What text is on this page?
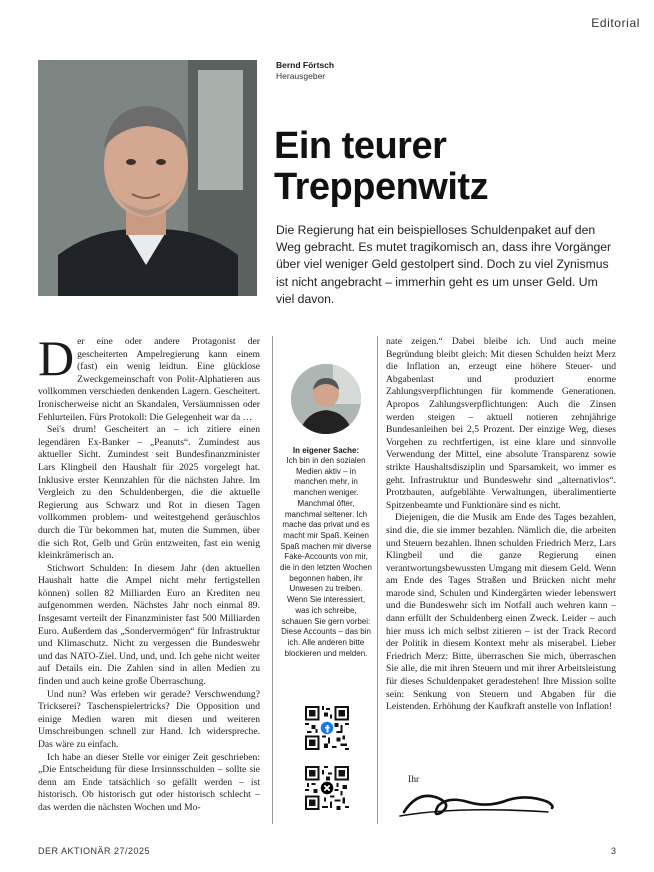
Editorial
Bernd Förtsch
Herausgeber
Ein teurer
Treppenwitz
Die Regierung hat ein beispielloses Schuldenpaket auf den Weg gebracht. Es mutet tragikomisch an, dass ihre Vorgänger über viel weniger Geld gestolpert sind. Doch zu viel Zynismus ist nicht angebracht – immerhin geht es um unser Geld. Um viel davon.

Der eine oder andere Protagonist der gescheiterten Ampelregierung kann einem (fast) ein wenig leidtun. Eine glücklose Zweckgemeinschaft von Polit-Alphatieren aus vollkommen verschieden denkenden Lagern. Gescheitert. Ironischerweise nicht an Skandalen, Versäumnissen oder Fehlurteilen. Fürs Protokoll: Die Gelegenheit war da …

Sei's drum! Gescheitert an – ich zitiere einen legendären Ex-Banker – „Peanuts“. Zumindest aus aktueller Sicht. Zumindest seit Bundesfinanzminister Lars Klingbeil den Haushalt für 2025 vorgelegt hat. Inklusive erster Kennzahlen für die nächsten Jahre. Im Vergleich zu den Schuldenbergen, die die aktuelle Regierung aus Schwarz und Rot in diesen Tagen vollkommen problem- und weitestgehend geräuschlos durch die Tür bekommen hat, muten die Summen, über die sich Rot, Gelb und Grün entzweiten, fast ein wenig kleinkrämerisch an.

Stichwort Schulden: In diesem Jahr (den aktuellen Haushalt hatte die Ampel nicht mehr fertigstellen können) sollen 82 Milliarden Euro an Krediten neu aufgenommen werden. Nächstes Jahr noch einmal 89. Insgesamt verteilt der Finanzminister fast 500 Milliarden Euro. Außerdem das „Sondervermögen“ für Infrastruktur und Klimaschutz. Nicht zu vergessen die Bundeswehr und das NATO-Ziel. Und, und, und. Ich gehe nicht weiter auf Details ein. Die Zahlen sind in allen Medien zu finden und auch keine große Überraschung.

Und nun? Was erleben wir gerade? Verschwendung? Trickserei? Taschenspielertricks? Die Opposition und einige Medien waren mit diesen und weiteren Umschreibungen schnell zur Hand. Ich widerspreche. Das wäre zu einfach.

Ich habe an dieser Stelle vor einiger Zeit geschrieben: „Die Entscheidung für diese Irrsinnsschulden – sollte sie denn am Ende tatsächlich so gefällt werden – ist historisch. Ob historisch gut oder historisch schlecht – das werden die nächsten Wochen und Mo-

In eigener Sache:
Ich bin in den sozialen Medien aktiv – in manchen mehr, in manchen weniger. Manchmal öfter, manchmal seltener. Ich mache das privat und es macht mir Spaß. Keinen Spaß machen mir diverse Fake-Accounts von mir, die in den letzten Wochen begonnen haben, ihr Unwesen zu treiben. Wenn Sie interessiert, was ich schreibe, schauen Sie gern vorbei: Diese Accounts – das bin ich. Alle anderen bitte blockieren und melden.

nate zeigen.“ Dabei bleibe ich. Und auch meine Begründung bleibt gleich: Mit diesen Schulden heizt Merz die Inflation an, erzeugt eine höhere Steuer- und Abgabenlast und produziert enorme Zahlungsverpflichtungen für kommende Generationen. Apropos Zahlungsverpflichtungen: Auch die Zinsen werden steigen – aktuell notieren zehnjährige Bundesanleihen bei 2,5 Prozent. Der einzige Weg, dieses Vorgehen zu rechtfertigen, ist eine klare und sinnvolle Verwendung der Mittel, eine absolute Transparenz sowie strikte Haushaltsdisziplin und Sparsamkeit, wo immer es geht. Infrastruktur und Bundeswehr sind „alternativlos“. Protzbauten, aufgeblähte Verwaltungen, überalimentierte Spitzenbeamte und Funktionäre sind es nicht.

Diejenigen, die die Musik am Ende des Tages bezahlen, sind die, die sie immer bezahlen. Nämlich die, die arbeiten und Steuern bezahlen. Ihnen schulden Friedrich Merz, Lars Klingbeil und die ganze Regierung einen verantwortungsbewussten Umgang mit diesem Geld. Wenn am Ende des Tages Straßen und Brücken nicht mehr marode sind, Schulen und Kindergärten wieder lebenswert und die Bundeswehr sich im Notfall auch wehren kann – dann erfüllt der Schuldenberg einen Zweck. Leider – auch hier muss ich mich selbst zitieren – ist der Track Record der Politik in diesem Kontext mehr als miserabel. Lieber Friedrich Merz: Bitte, überraschen Sie mich, überraschen Sie alle, die mit ihren Steuern und mit ihrer Arbeitsleistung für dieses Schuldenpaket geradestehen! Ihre Mission sollte sein: Senkung von Steuern und Abgaben für die Leistenden. Erhöhung der Kaufkraft anstelle von Inflation!

Ihr
DER AKTIONÄR 27/2025	3
